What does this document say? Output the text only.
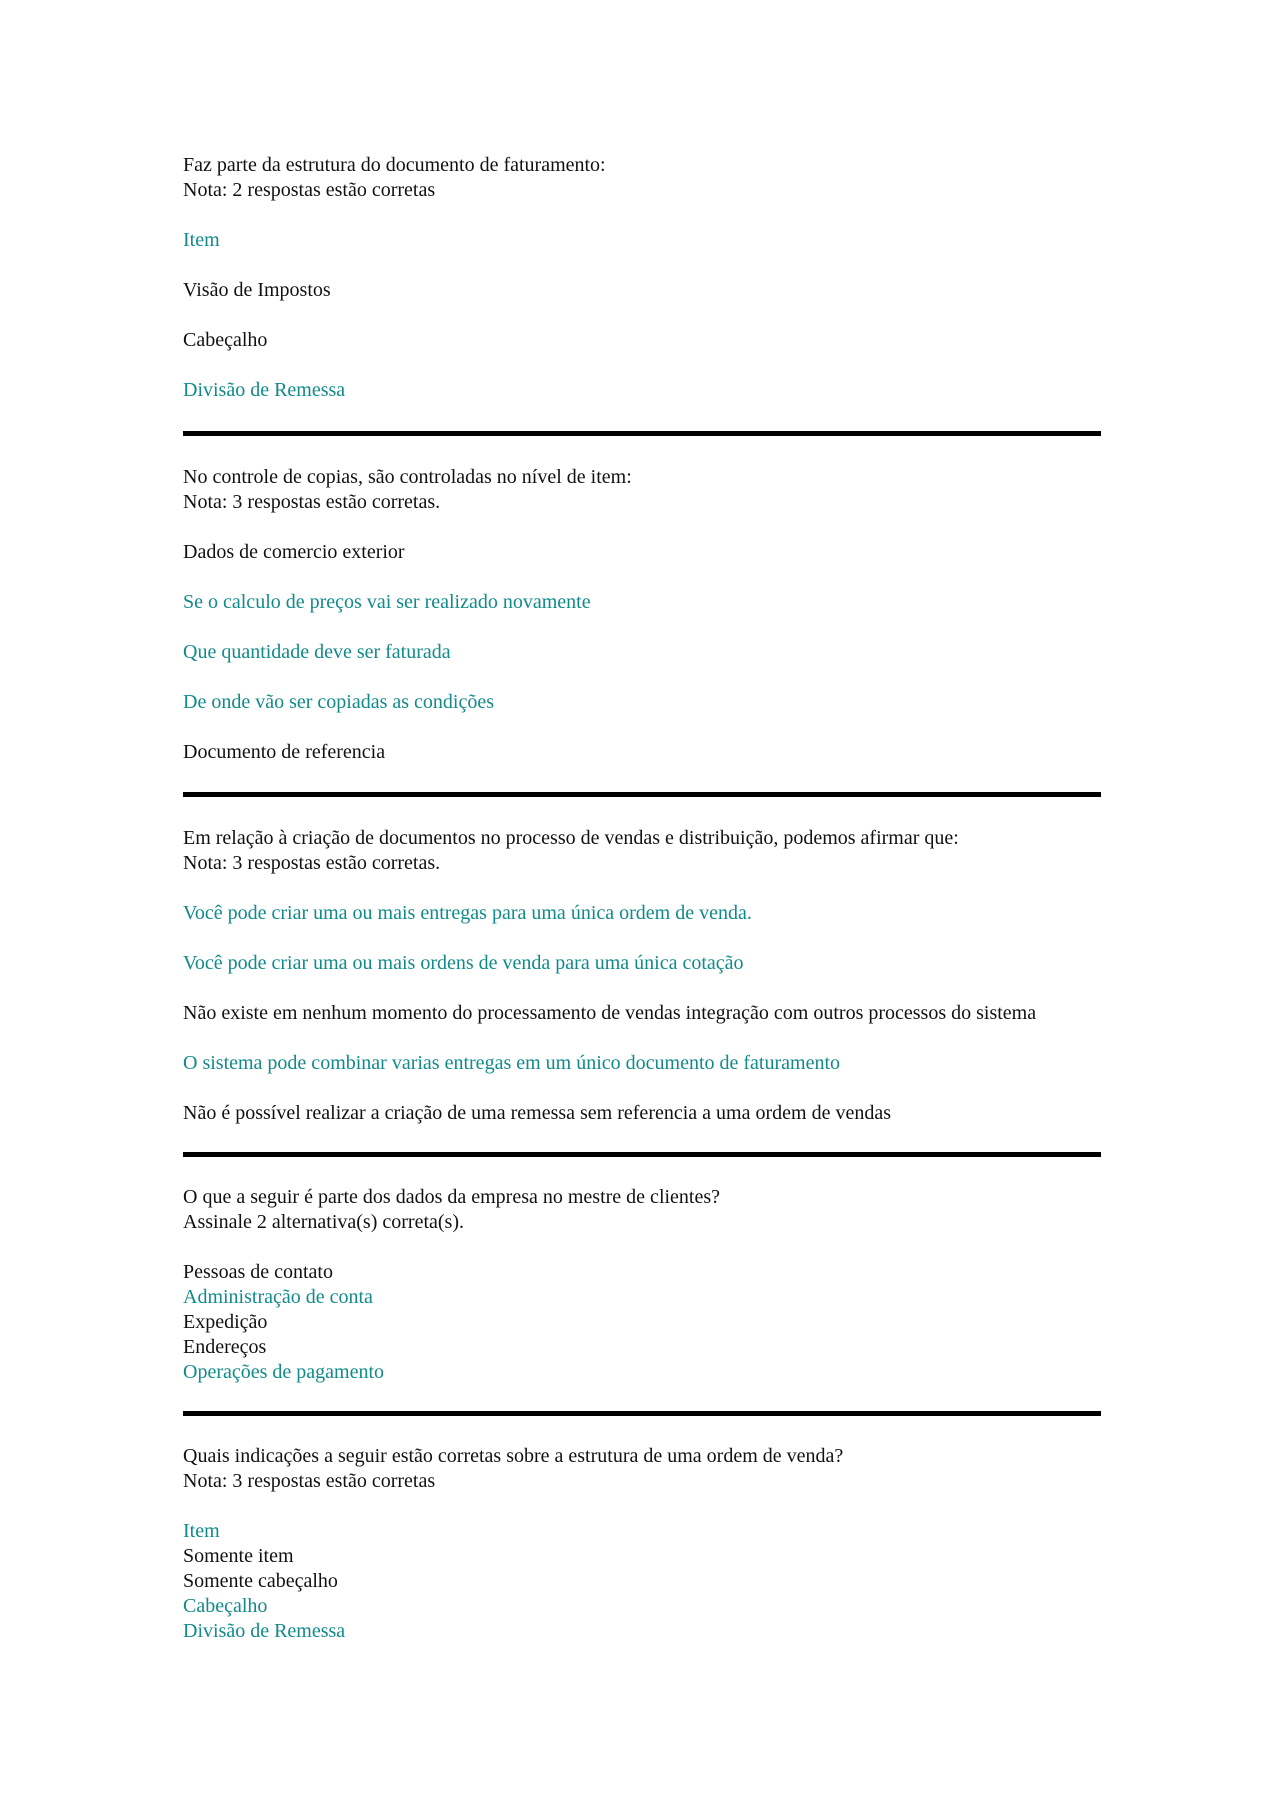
Faz parte da estrutura do documento de faturamento:
Nota: 2 respostas estão corretas
Item
Visão de Impostos
Cabeçalho
Divisão de Remessa
No controle de copias, são controladas no nível de item:
Nota: 3 respostas estão corretas.
Dados de comercio exterior
Se o calculo de preços vai ser realizado novamente
Que quantidade deve ser faturada
De onde vão ser copiadas as condições
Documento de referencia
Em relação à criação de documentos no processo de vendas e distribuição, podemos afirmar que:
Nota: 3 respostas estão corretas.
Você pode criar uma ou mais entregas para uma única ordem de venda.
Você pode criar uma ou mais ordens de venda para uma única cotação
Não existe em nenhum momento do processamento de vendas integração com outros processos do sistema
O sistema pode combinar varias entregas em um único documento de faturamento
Não é possível realizar a criação de uma remessa sem referencia a uma ordem de vendas
O que a seguir é parte dos dados da empresa no mestre de clientes?
Assinale 2 alternativa(s) correta(s).
Pessoas de contato
Administração de conta
Expedição
Endereços
Operações de pagamento
Quais indicações a seguir estão corretas sobre a estrutura de uma ordem de venda?
Nota: 3 respostas estão corretas
Item
Somente item
Somente cabeçalho
Cabeçalho
Divisão de Remessa
